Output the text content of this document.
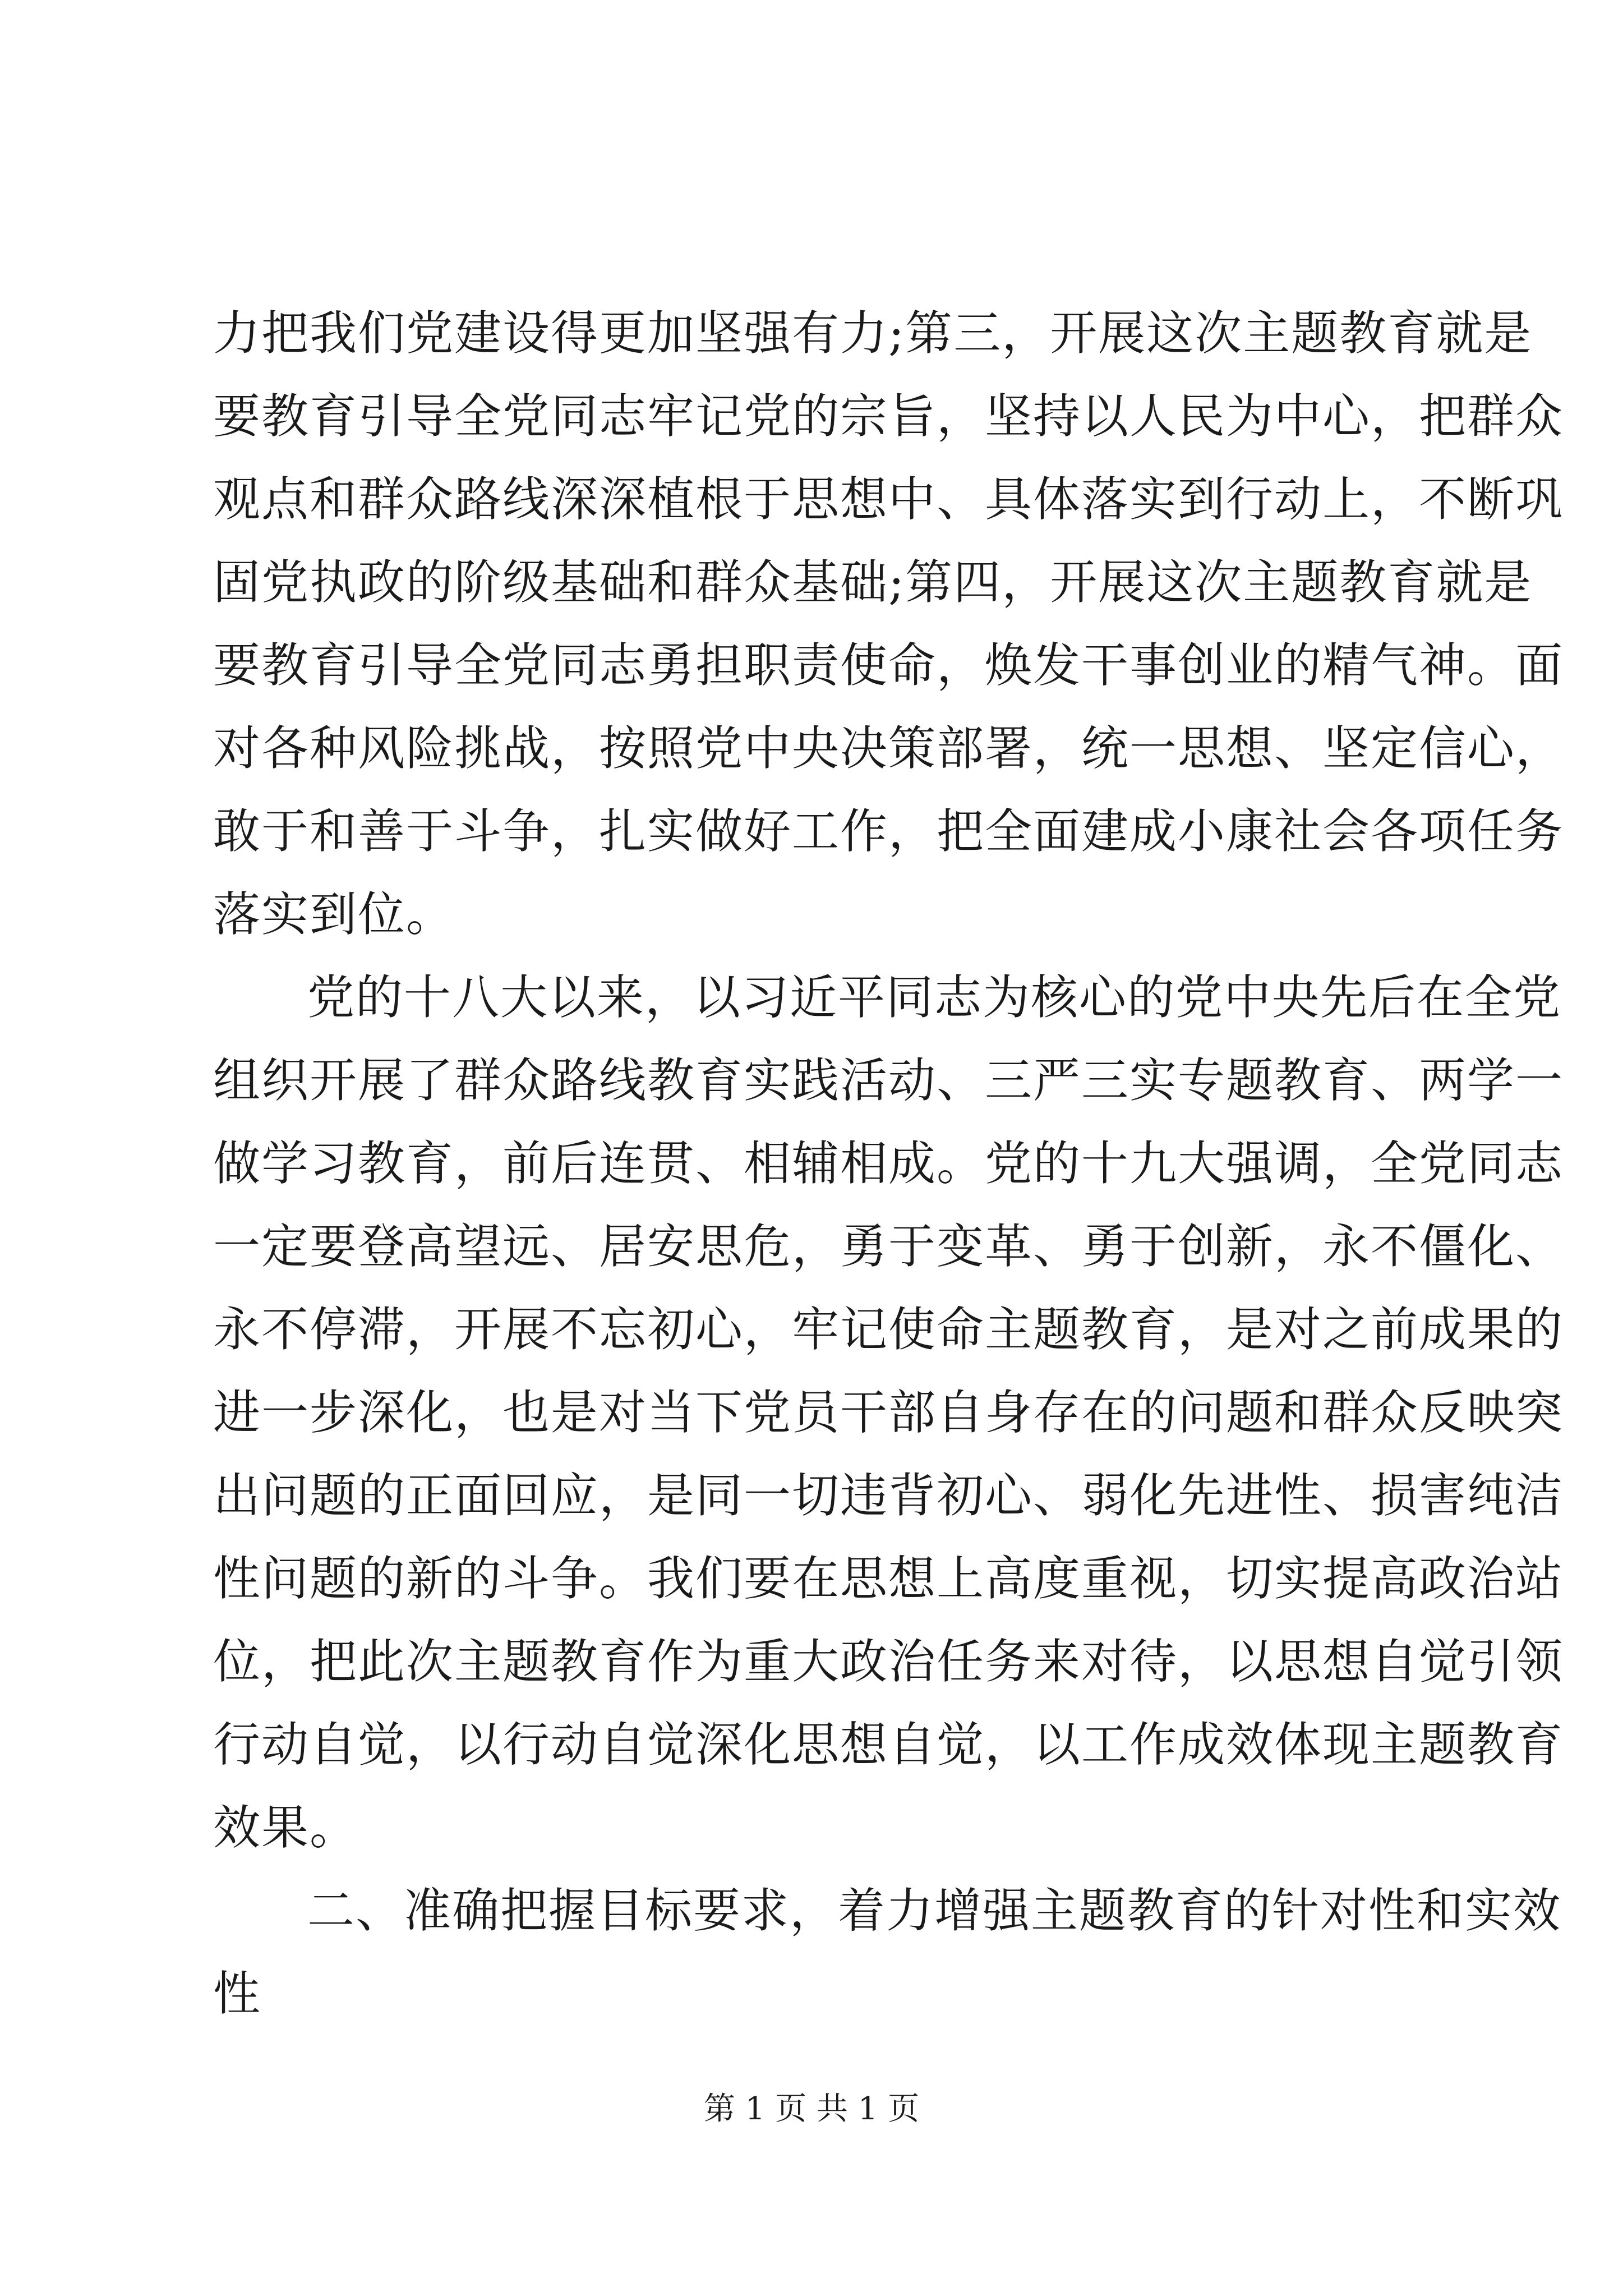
力把我们党建设得更加坚强有力;第三，开展这次主题教育就是
要教育引导全党同志牢记党的宗旨，坚持以人民为中心，把群众
观点和群众路线深深植根于思想中、具体落实到行动上，不断巩
固党执政的阶级基础和群众基础;第四，开展这次主题教育就是
要教育引导全党同志勇担职责使命，焕发干事创业的精气神。面
对各种风险挑战，按照党中央决策部署，统一思想、坚定信心，
敢于和善于斗争，扎实做好工作，把全面建成小康社会各项任务
落实到位。
党的十八大以来，以习近平同志为核心的党中央先后在全党
组织开展了群众路线教育实践活动、三严三实专题教育、两学一
做学习教育，前后连贯、相辅相成。党的十九大强调，全党同志
一定要登高望远、居安思危，勇于变革、勇于创新，永不僵化、
永不停滞，开展不忘初心，牢记使命主题教育，是对之前成果的
进一步深化，也是对当下党员干部自身存在的问题和群众反映突
出问题的正面回应，是同一切违背初心、弱化先进性、损害纯洁
性问题的新的斗争。我们要在思想上高度重视，切实提高政治站
位，把此次主题教育作为重大政治任务来对待，以思想自觉引领
行动自觉，以行动自觉深化思想自觉，以工作成效体现主题教育
效果。
二、准确把握目标要求，着力增强主题教育的针对性和实效
性
第 1 页 共 1 页
